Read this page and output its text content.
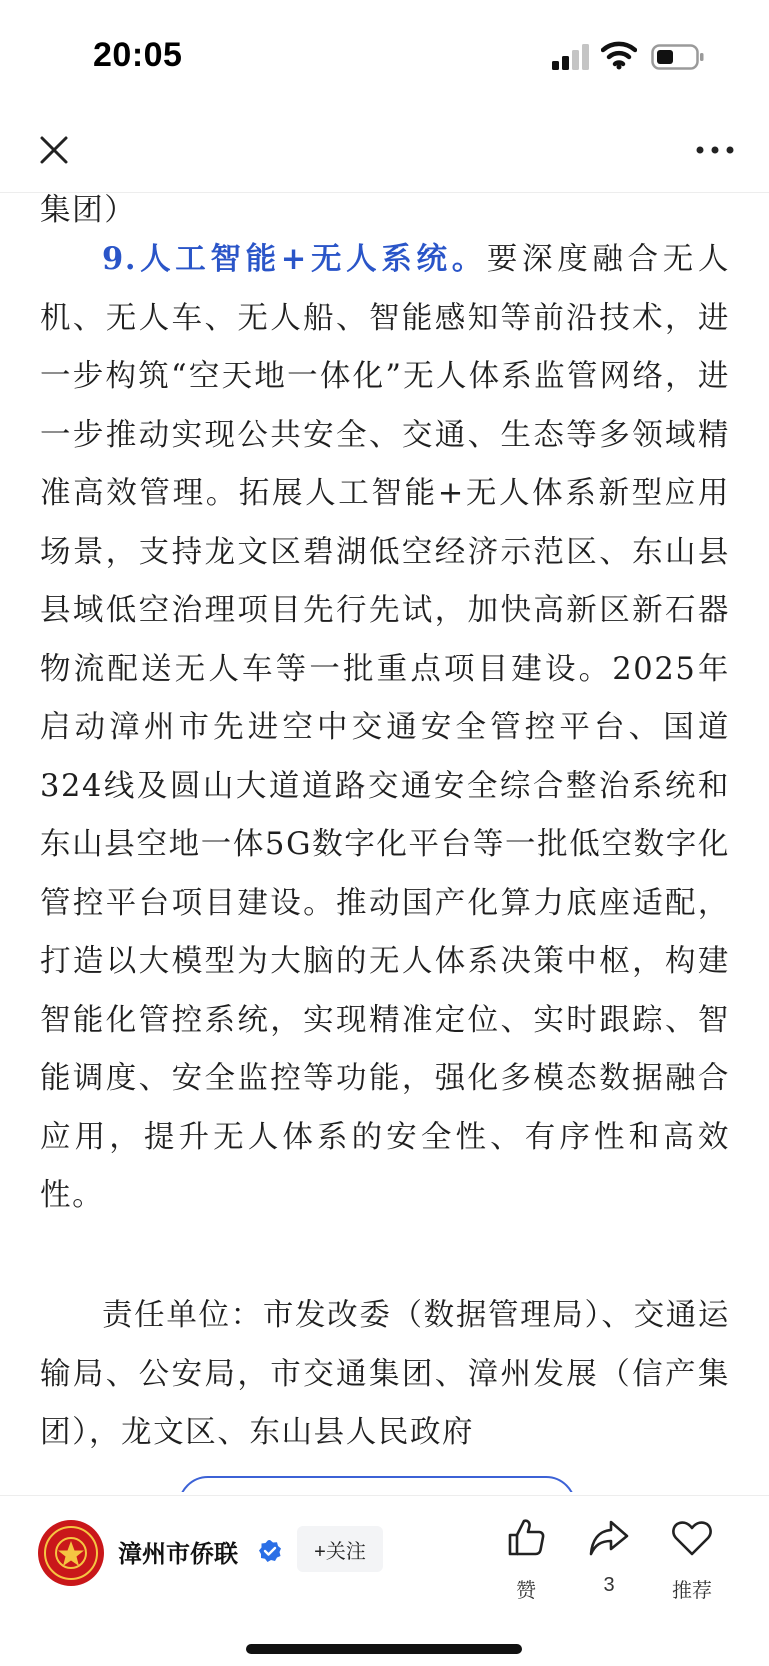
20:05

集团）

9.人工智能+无人系统。要深度融合无人机、无人车、无人船、智能感知等前沿技术，进一步构筑“空天地一体化”无人体系监管网络，进一步推动实现公共安全、交通、生态等多领域精准高效管理。拓展人工智能+无人体系新型应用场景，支持龙文区碧湖低空经济示范区、东山县县域低空治理项目先行先试，加快高新区新石器物流配送无人车等一批重点项目建设。2025年启动漳州市先进空中交通安全管控平台、国道324线及圆山大道道路交通安全综合整治系统和东山县空地一体5G数字化平台等一批低空数字化管控平台项目建设。推动国产化算力底座适配，打造以大模型为大脑的无人体系决策中枢，构建智能化管控系统，实现精准定位、实时跟踪、智能调度、安全监控等功能，强化多模态数据融合应用，提升无人体系的安全性、有序性和高效性。

责任单位：市发改委（数据管理局）、交通运输局、公安局，市交通集团、漳州发展（信产集团），龙文区、东山县人民政府

漳州市侨联	+关注
赞	3	推荐
